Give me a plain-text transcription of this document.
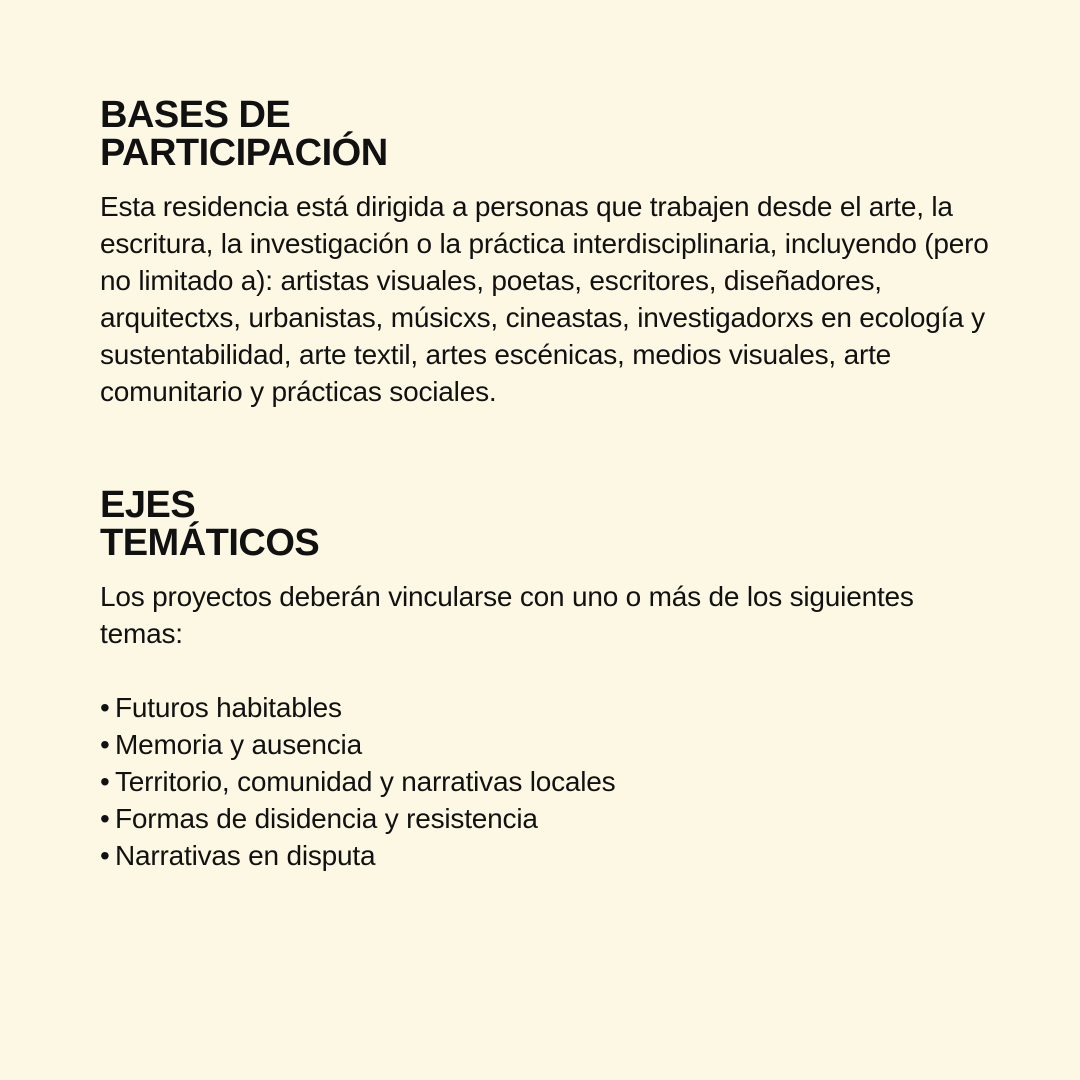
BASES DE
PARTICIPACIÓN

Esta residencia está dirigida a personas que trabajen desde el arte, la escritura, la investigación o la práctica interdisciplinaria, incluyendo (pero no limitado a): artistas visuales, poetas, escritores, diseñadores, arquitectxs, urbanistas, músicxs, cineastas, investigadorxs en ecología y sustentabilidad, arte textil, artes escénicas, medios visuales, arte comunitario y prácticas sociales.

EJES
TEMÁTICOS

Los proyectos deberán vincularse con uno o más de los siguientes temas:

• Futuros habitables
• Memoria y ausencia
• Territorio, comunidad y narrativas locales
• Formas de disidencia y resistencia
• Narrativas en disputa
